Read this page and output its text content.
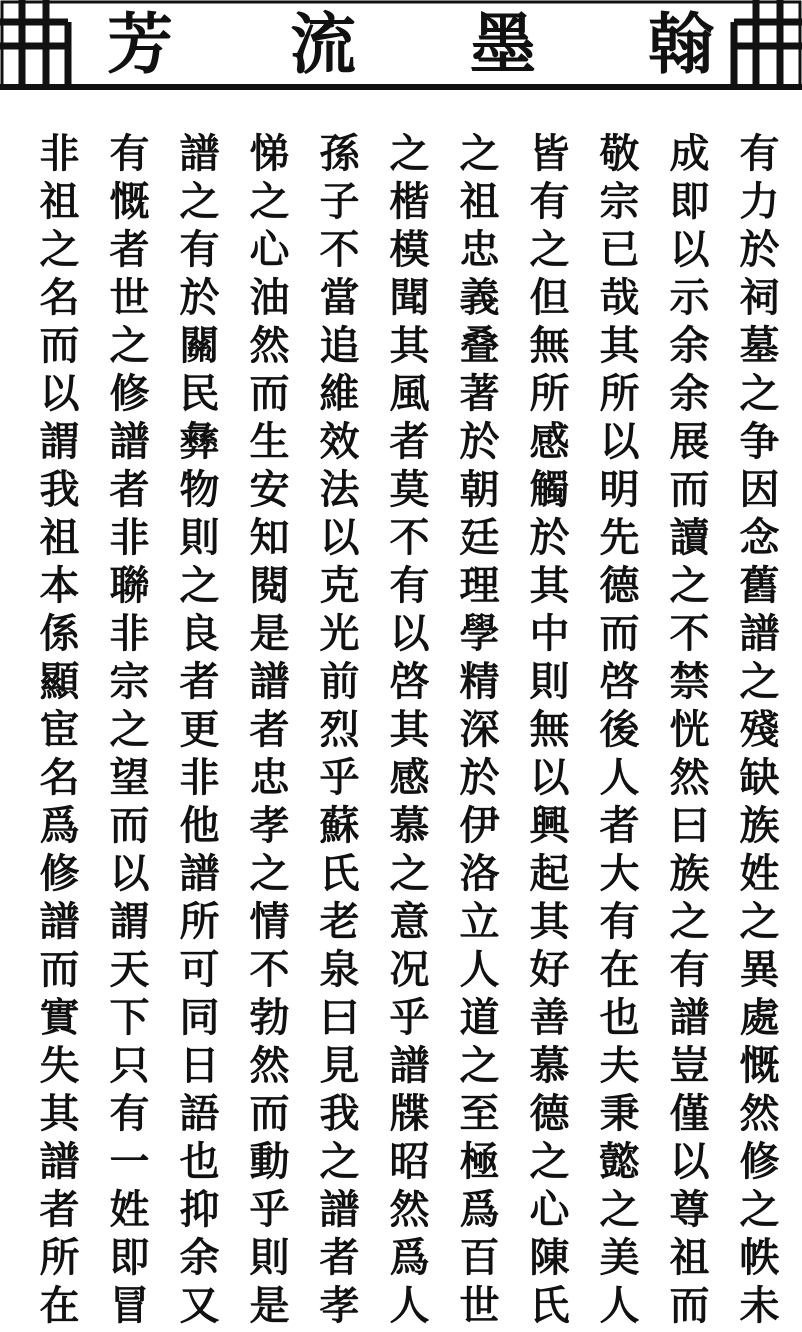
芳 流 墨 翰
有力於祠墓之争因念舊譜之殘缺族姓之異處慨然修之帙未
成即以示余余展而讀之不禁恍然曰族之有譜豈僅以尊祖而
敬宗已哉其所以明先德而啓後人者大有在也夫秉懿之美人
皆有之但無所感觸於其中則無以興起其好善慕德之心陳氏
之祖忠義叠著於朝廷理學精深於伊洛立人道之至極爲百世
之楷模聞其風者莫不有以啓其感慕之意况乎譜牒昭然爲人
孫子不當追維效法以克光前烈乎蘇氏老泉曰見我之譜者孝
悌之心油然而生安知閱是譜者忠孝之情不勃然而動乎則是
譜之有於關民彝物則之良者更非他譜所可同日語也抑余又
有慨者世之修譜者非聯非宗之望而以謂天下只有一姓即冒
非祖之名而以謂我祖本係顯宦名爲修譜而實失其譜者所在
